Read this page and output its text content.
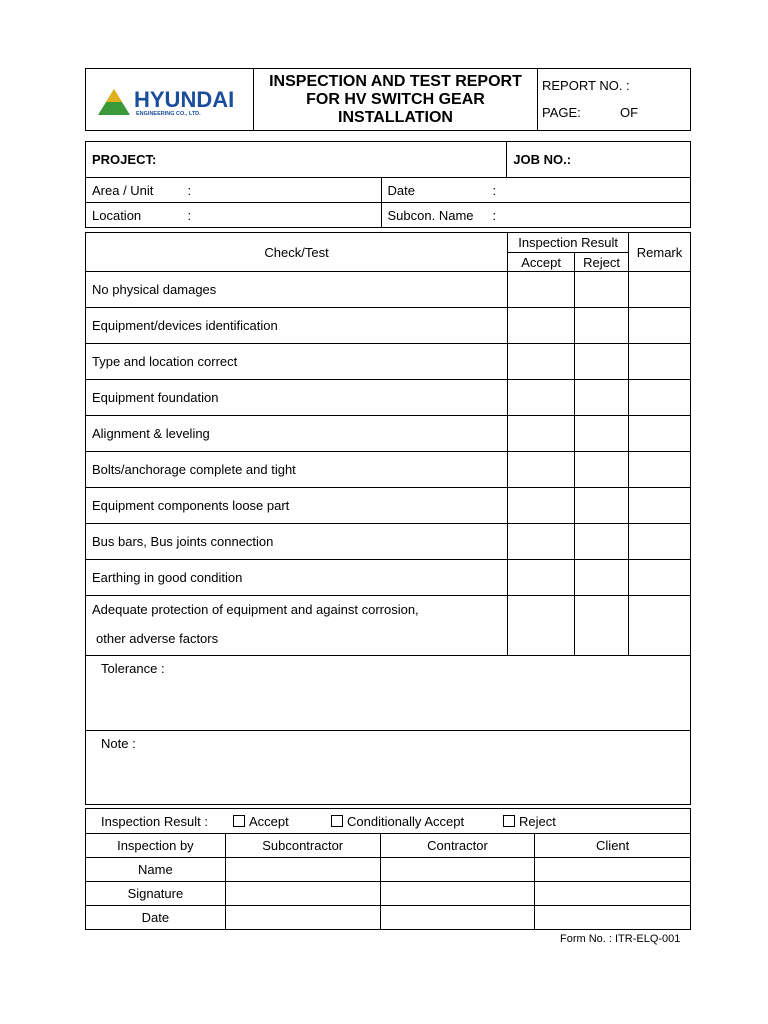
HYUNDAI
ENGINEERING CO., LTD.
INSPECTION AND TEST REPORT
FOR HV SWITCH GEAR
INSTALLATION
REPORT NO. :
PAGE:	OF
PROJECT:		JOB NO.:
Area / Unit :	Date :	

Location :	Subcon. Name :	
Check/Test	Inspection Result		Remark
	Accept	Reject	
No physical damages			
Equipment/devices identification			
Type and location correct			
Equipment foundation			
Alignment & leveling			
Bolts/anchorage complete and tight			
Equipment components loose part			
Bus bars, Bus joints connection			
Earthing in good condition			

Adequate protection of equipment and against corrosion,
other adverse factors			

Tolerance :			
Note :			
Inspection Result : Accept Conditionally Accept Reject			

Inspection by	Subcontractor	Contractor	Client
Name			
Signature			
Date			
Form No. : ITR-ELQ-001
